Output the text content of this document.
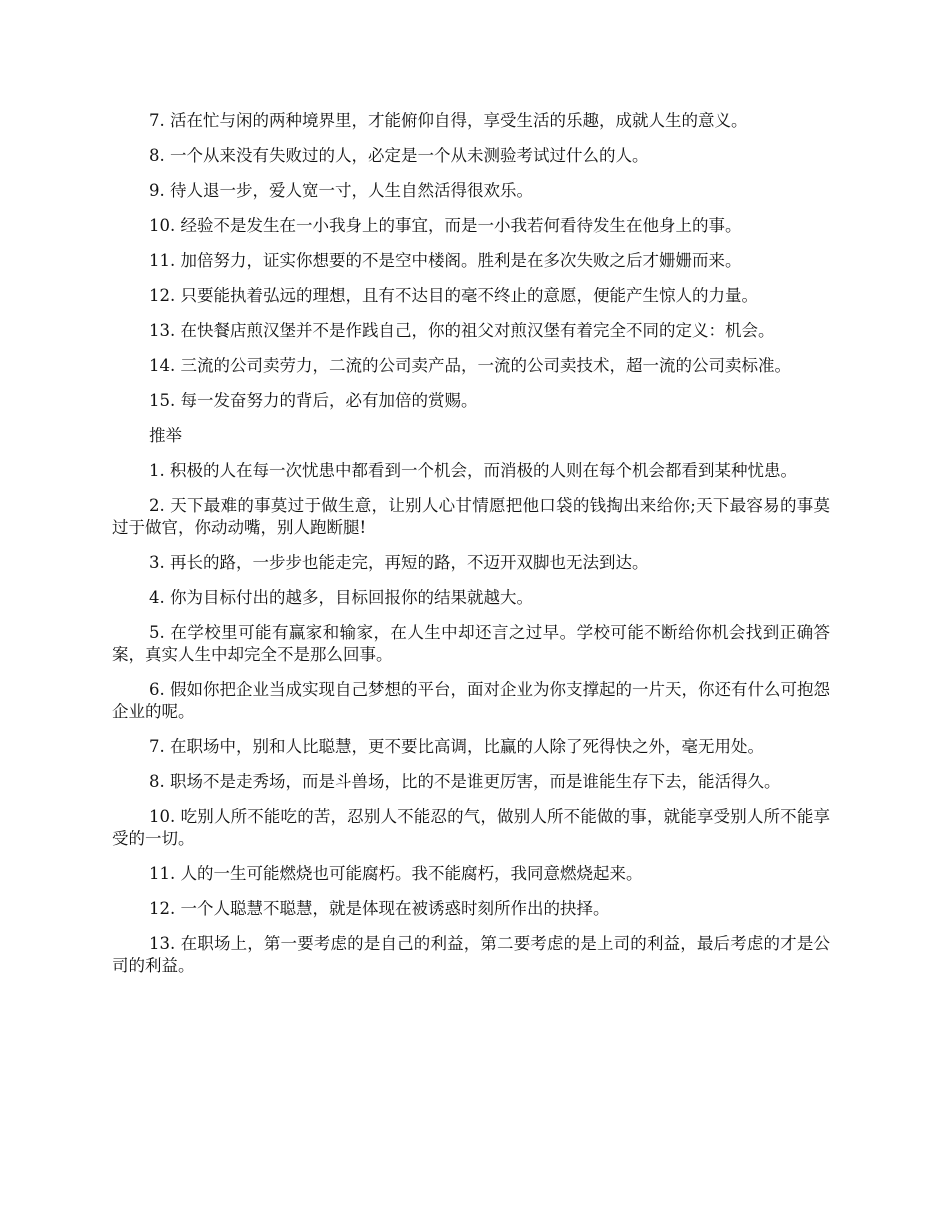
7. 活在忙与闲的两种境界里，才能俯仰自得，享受生活的乐趣，成就人生的意义。

8. 一个从来没有失败过的人，必定是一个从未测验考试过什么的人。

9. 待人退一步，爱人宽一寸，人生自然活得很欢乐。

10. 经验不是发生在一小我身上的事宜，而是一小我若何看待发生在他身上的事。

11. 加倍努力，证实你想要的不是空中楼阁。胜利是在多次失败之后才姗姗而来。

12. 只要能执着弘远的理想，且有不达目的毫不终止的意愿，便能产生惊人的力量。

13. 在快餐店煎汉堡并不是作践自己，你的祖父对煎汉堡有着完全不同的定义：机会。

14. 三流的公司卖劳力，二流的公司卖产品，一流的公司卖技术，超一流的公司卖标准。

15. 每一发奋努力的背后，必有加倍的赏赐。

推举

1. 积极的人在每一次忧患中都看到一个机会，而消极的人则在每个机会都看到某种忧患。

2. 天下最难的事莫过于做生意，让别人心甘情愿把他口袋的钱掏出来给你;天下最容易的事莫过于做官，你动动嘴，别人跑断腿!

3. 再长的路，一步步也能走完，再短的路，不迈开双脚也无法到达。

4. 你为目标付出的越多，目标回报你的结果就越大。

5. 在学校里可能有赢家和输家，在人生中却还言之过早。学校可能不断给你机会找到正确答案，真实人生中却完全不是那么回事。

6. 假如你把企业当成实现自己梦想的平台，面对企业为你支撑起的一片天，你还有什么可抱怨企业的呢。

7. 在职场中，别和人比聪慧，更不要比高调，比赢的人除了死得快之外，毫无用处。

8. 职场不是走秀场，而是斗兽场，比的不是谁更厉害，而是谁能生存下去，能活得久。

10. 吃别人所不能吃的苦，忍别人不能忍的气，做别人所不能做的事，就能享受别人所不能享受的一切。

11. 人的一生可能燃烧也可能腐朽。我不能腐朽，我同意燃烧起来。

12. 一个人聪慧不聪慧，就是体现在被诱惑时刻所作出的抉择。

13. 在职场上，第一要考虑的是自己的利益，第二要考虑的是上司的利益，最后考虑的才是公司的利益。
